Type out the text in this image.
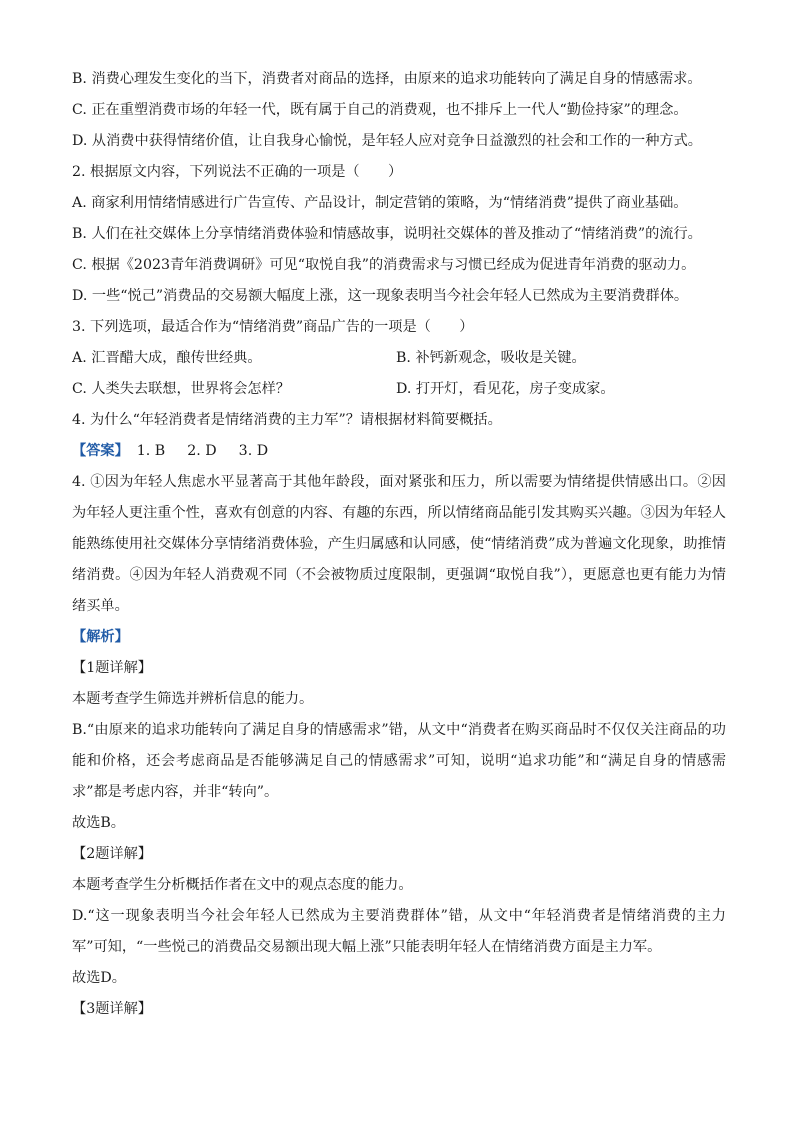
B. 消费心理发生变化的当下，消费者对商品的选择，由原来的追求功能转向了满足自身的情感需求。
C. 正在重塑消费市场的年轻一代，既有属于自己的消费观，也不排斥上一代人“勤俭持家”的理念。
D. 从消费中获得情绪价值，让自我身心愉悦，是年轻人应对竞争日益激烈的社会和工作的一种方式。
2. 根据原文内容，下列说法不正确的一项是（　　）
A. 商家利用情绪情感进行广告宣传、产品设计，制定营销的策略，为“情绪消费”提供了商业基础。
B. 人们在社交媒体上分享情绪消费体验和情感故事，说明社交媒体的普及推动了“情绪消费”的流行。
C. 根据《2023青年消费调研》可见“取悦自我”的消费需求与习惯已经成为促进青年消费的驱动力。
D. 一些“悦己”消费品的交易额大幅度上涨，这一现象表明当今社会年轻人已然成为主要消费群体。
3. 下列选项，最适合作为“情绪消费”商品广告的一项是（　　）
A. 汇晋醋大成，酿传世经典。	B. 补钙新观念，吸收是关键。
C. 人类失去联想，世界将会怎样？	D. 打开灯，看见花，房子变成家。
4. 为什么“年轻消费者是情绪消费的主力军”？请根据材料简要概括。
【答案】 1. B 2. D 3. D

4. ①因为年轻人焦虑水平显著高于其他年龄段，面对紧张和压力，所以需要为情绪提供情感出口。②因为年轻人更注重个性，喜欢有创意的内容、有趣的东西，所以情绪商品能引发其购买兴趣。③因为年轻人能熟练使用社交媒体分享情绪消费体验，产生归属感和认同感，使“情绪消费”成为普遍文化现象，助推情绪消费。④因为年轻人消费观不同（不会被物质过度限制，更强调“取悦自我”），更愿意也更有能力为情绪买单。

【解析】
【1题详解】
本题考查学生筛选并辨析信息的能力。

B.“由原来的追求功能转向了满足自身的情感需求”错，从文中“消费者在购买商品时不仅仅关注商品的功能和价格，还会考虑商品是否能够满足自己的情感需求”可知，说明“追求功能”和“满足自身的情感需求”都是考虑内容，并非“转向”。

故选B。
【2题详解】
本题考查学生分析概括作者在文中的观点态度的能力。

D.“这一现象表明当今社会年轻人已然成为主要消费群体”错，从文中“年轻消费者是情绪消费的主力军”可知，“一些悦己的消费品交易额出现大幅上涨”只能表明年轻人在情绪消费方面是主力军。

故选D。
【3题详解】
